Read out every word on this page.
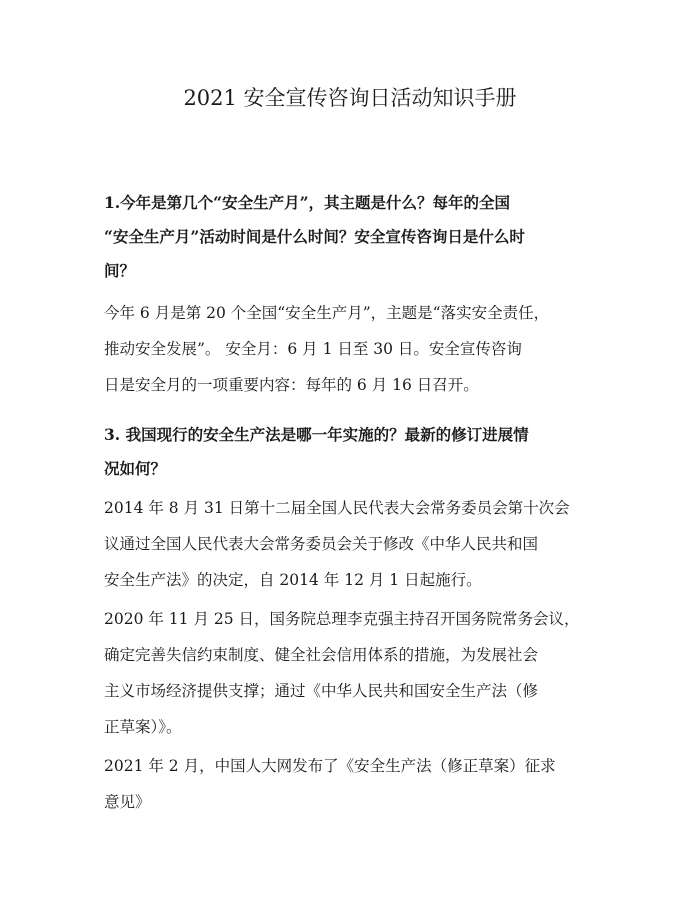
2021 安全宣传咨询日活动知识手册
1.今年是第几个“安全生产月”，其主题是什么？每年的全国
“安全生产月”活动时间是什么时间？安全宣传咨询日是什么时
间？
今年 6 月是第 20 个全国“安全生产月”，主题是“落实安全责任，
推动安全发展”。 安全月：6 月 1 日至 30 日。安全宣传咨询
日是安全月的一项重要内容：每年的 6 月 16 日召开。
3. 我国现行的安全生产法是哪一年实施的？最新的修订进展情
况如何？
2014 年 8 月 31 日第十二届全国人民代表大会常务委员会第十次会
议通过全国人民代表大会常务委员会关于修改《中华人民共和国
安全生产法》的决定，自 2014 年 12 月 1 日起施行。
2020 年 11 月 25 日，国务院总理李克强主持召开国务院常务会议，
确定完善失信约束制度、健全社会信用体系的措施，为发展社会
主义市场经济提供支撑；通过《中华人民共和国安全生产法（修
正草案）》。
2021 年 2 月，中国人大网发布了《安全生产法（修正草案）征求
意见》
